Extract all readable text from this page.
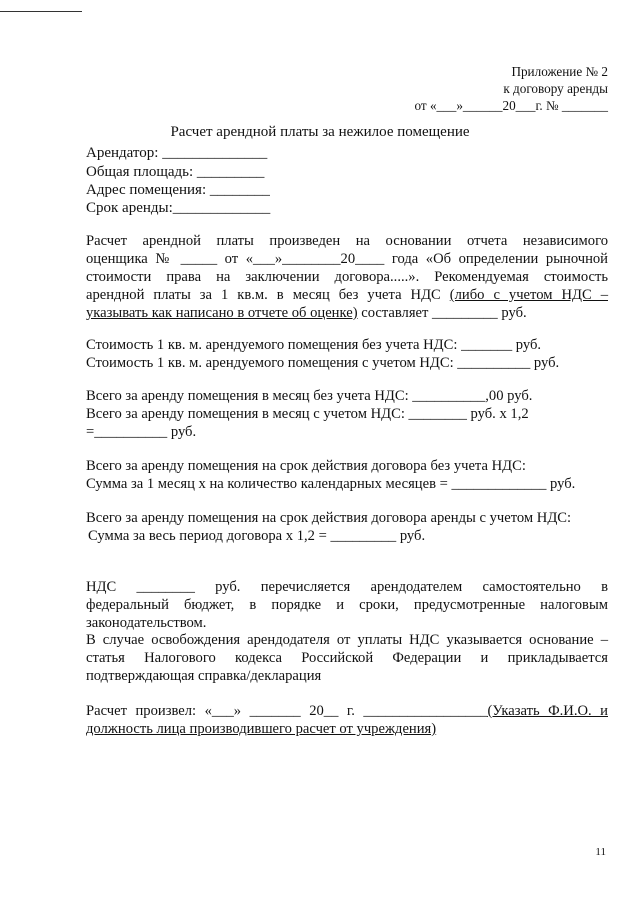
Приложение № 2
к договору аренды
от «___»______20___г. № _______
Расчет арендной платы за нежилое помещение
Арендатор: ______________
Общая площадь: _________
Адрес помещения: ________
Срок аренды:_____________
Расчет арендной платы произведен на основании отчета независимого
оценщика № _____ от «___»________20____ года «Об определении рыночной
стоимости права на заключении договора.....». Рекомендуемая стоимость
арендной платы за 1 кв.м. в месяц без учета НДС (либо с учетом НДС –
указывать как написано в отчете об оценке) составляет _________ руб.
Стоимость 1 кв. м. арендуемого помещения без учета НДС: _______ руб.
Стоимость 1 кв. м. арендуемого помещения с учетом НДС: __________ руб.
Всего за аренду помещения в месяц без учета НДС: __________,00 руб.
Всего за аренду помещения в месяц с учетом НДС: ________ руб. х 1,2
=__________ руб.
Всего за аренду помещения на срок действия договора без учета НДС:
Сумма за 1 месяц х на количество календарных месяцев = _____________ руб.
Всего за аренду помещения на срок действия договора аренды с учетом НДС:
Сумма за весь период договора х 1,2 = _________ руб.
НДС ________ руб. перечисляется арендодателем самостоятельно в
федеральный бюджет, в порядке и сроки, предусмотренные налоговым
законодательством.
В случае освобождения арендодателя от уплаты НДС указывается основание –
статья Налогового кодекса Российской Федерации и прикладывается
подтверждающая справка/декларация
Расчет произвел: «___» _______ 20__ г. _________________(Указать Ф.И.О. и
должность лица производившего расчет от учреждения)
11
